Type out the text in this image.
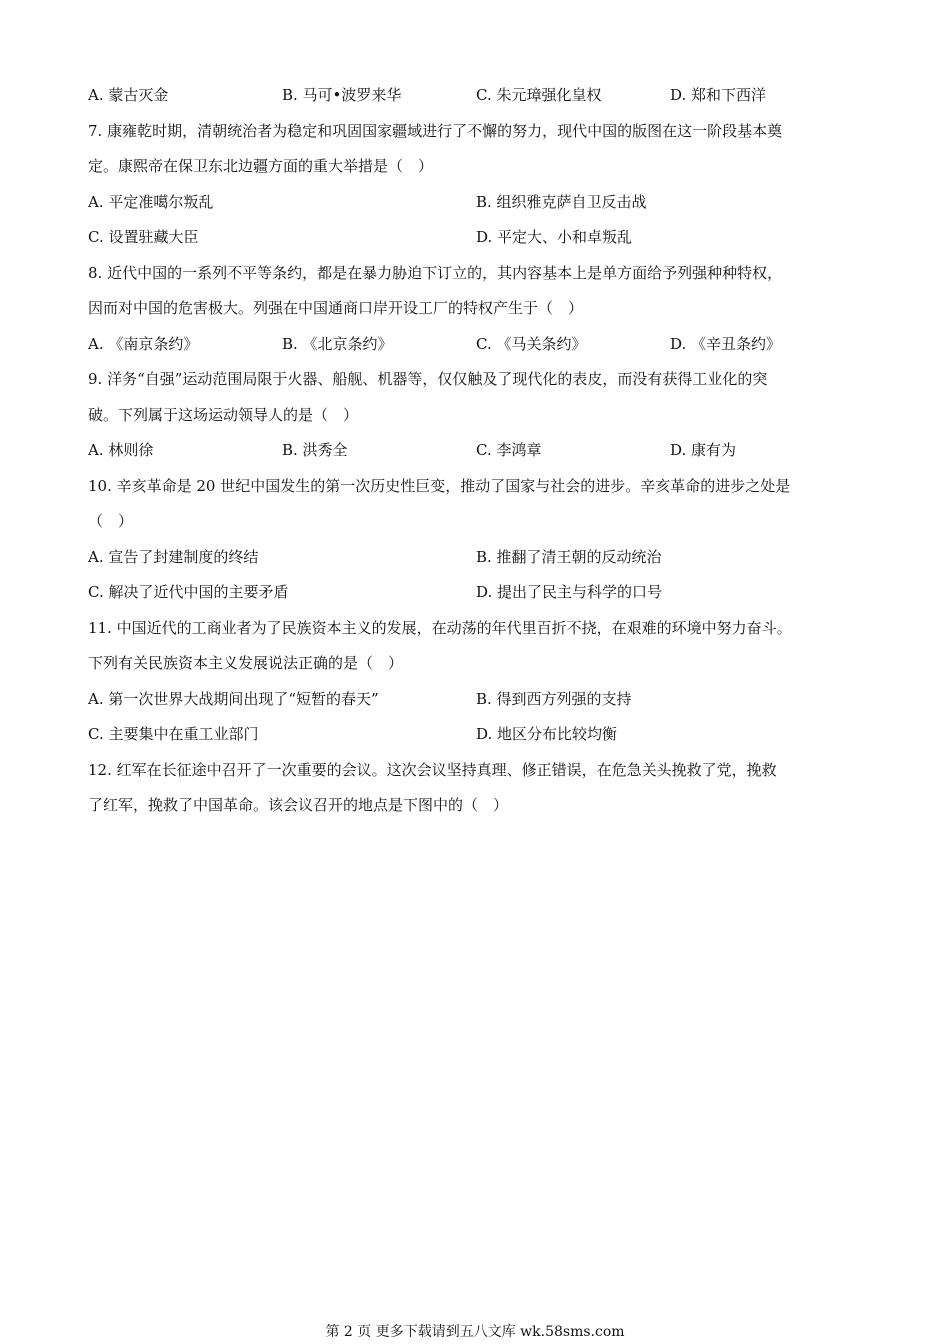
A. 蒙古灭金	B. 马可•波罗来华	C. 朱元璋强化皇权	D. 郑和下西洋
7. 康雍乾时期，清朝统治者为稳定和巩固国家疆域进行了不懈的努力，现代中国的版图在这一阶段基本奠
定。康熙帝在保卫东北边疆方面的重大举措是（　）
A. 平定准噶尔叛乱	B. 组织雅克萨自卫反击战
C. 设置驻藏大臣	D. 平定大、小和卓叛乱
8. 近代中国的一系列不平等条约，都是在暴力胁迫下订立的，其内容基本上是单方面给予列强种种特权，
因而对中国的危害极大。列强在中国通商口岸开设工厂的特权产生于（　）
A. 《南京条约》	B. 《北京条约》	C. 《马关条约》	D. 《辛丑条约》
9. 洋务“自强”运动范围局限于火器、船舰、机器等，仅仅触及了现代化的表皮，而没有获得工业化的突
破。下列属于这场运动领导人的是（　）
A. 林则徐	B. 洪秀全	C. 李鸿章	D. 康有为
10. 辛亥革命是 20 世纪中国发生的第一次历史性巨变，推动了国家与社会的进步。辛亥革命的进步之处是
（　）
A. 宣告了封建制度的终结	B. 推翻了清王朝的反动统治
C. 解决了近代中国的主要矛盾	D. 提出了民主与科学的口号
11. 中国近代的工商业者为了民族资本主义的发展，在动荡的年代里百折不挠，在艰难的环境中努力奋斗。
下列有关民族资本主义发展说法正确的是（　）
A. 第一次世界大战期间出现了“短暂的春天”	B. 得到西方列强的支持
C. 主要集中在重工业部门	D. 地区分布比较均衡
12. 红军在长征途中召开了一次重要的会议。这次会议坚持真理、修正错误，在危急关头挽救了党，挽救
了红军，挽救了中国革命。该会议召开的地点是下图中的（　）
第 2 页 更多下载请到五八文库 wk.58sms.com
